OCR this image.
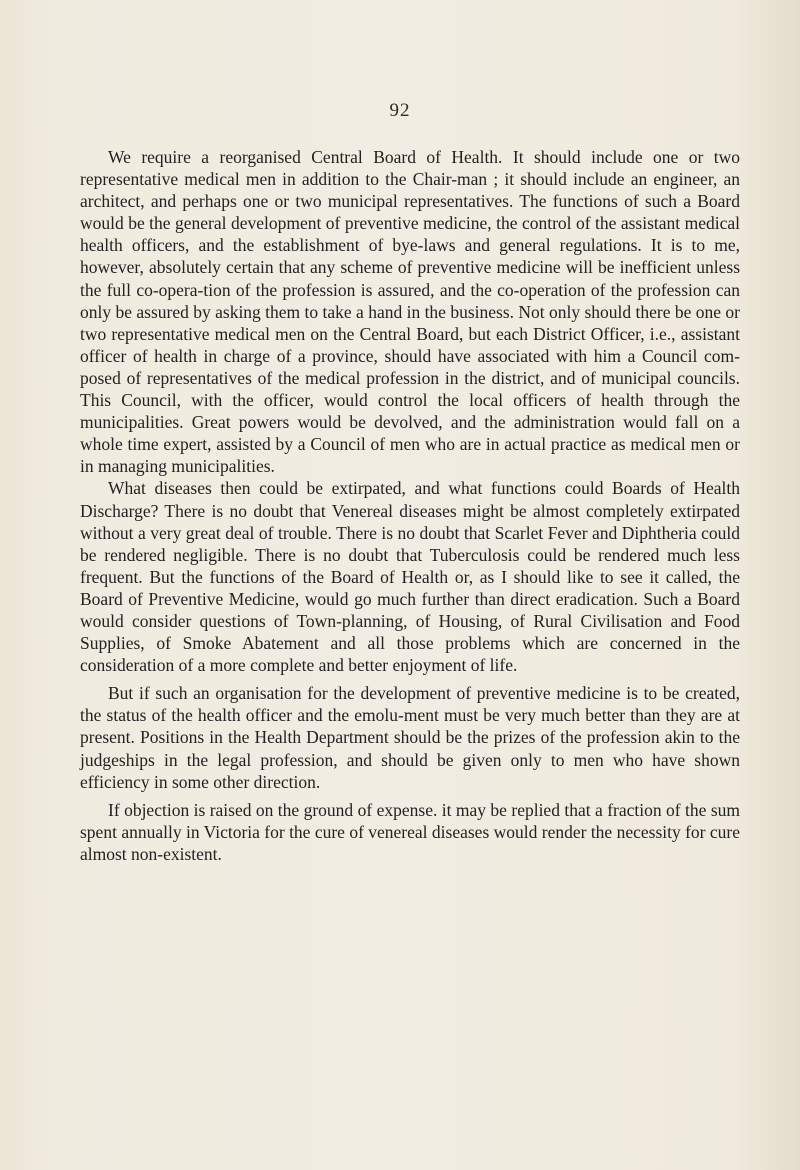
92

We require a reorganised Central Board of Health. It should include one or two representative medical men in addition to the Chair-man ; it should include an engineer, an architect, and perhaps one or two municipal representatives. The functions of such a Board would be the general development of preventive medicine, the control of the assistant medical health officers, and the establishment of bye-laws and general regulations. It is to me, however, absolutely certain that any scheme of preventive medicine will be inefficient unless the full co-opera-tion of the profession is assured, and the co-operation of the profession can only be assured by asking them to take a hand in the business. Not only should there be one or two representative medical men on the Central Board, but each District Officer, i.e., assistant officer of health in charge of a province, should have associated with him a Council com-posed of representatives of the medical profession in the district, and of municipal councils. This Council, with the officer, would control the local officers of health through the municipalities. Great powers would be devolved, and the administration would fall on a whole time expert, assisted by a Council of men who are in actual practice as medical men or in managing municipalities.

What diseases then could be extirpated, and what functions could Boards of Health Discharge? There is no doubt that Venereal diseases might be almost completely extirpated without a very great deal of trouble. There is no doubt that Scarlet Fever and Diphtheria could be rendered negligible. There is no doubt that Tuberculosis could be rendered much less frequent. But the functions of the Board of Health or, as I should like to see it called, the Board of Preventive Medicine, would go much further than direct eradication. Such a Board would consider questions of Town-planning, of Housing, of Rural Civilisation and Food Supplies, of Smoke Abatement and all those problems which are concerned in the consideration of a more complete and better enjoyment of life.

But if such an organisation for the development of preventive medicine is to be created, the status of the health officer and the emolu-ment must be very much better than they are at present. Positions in the Health Department should be the prizes of the profession akin to the judgeships in the legal profession, and should be given only to men who have shown efficiency in some other direction.

If objection is raised on the ground of expense. it may be replied that a fraction of the sum spent annually in Victoria for the cure of venereal diseases would render the necessity for cure almost non-existent.
